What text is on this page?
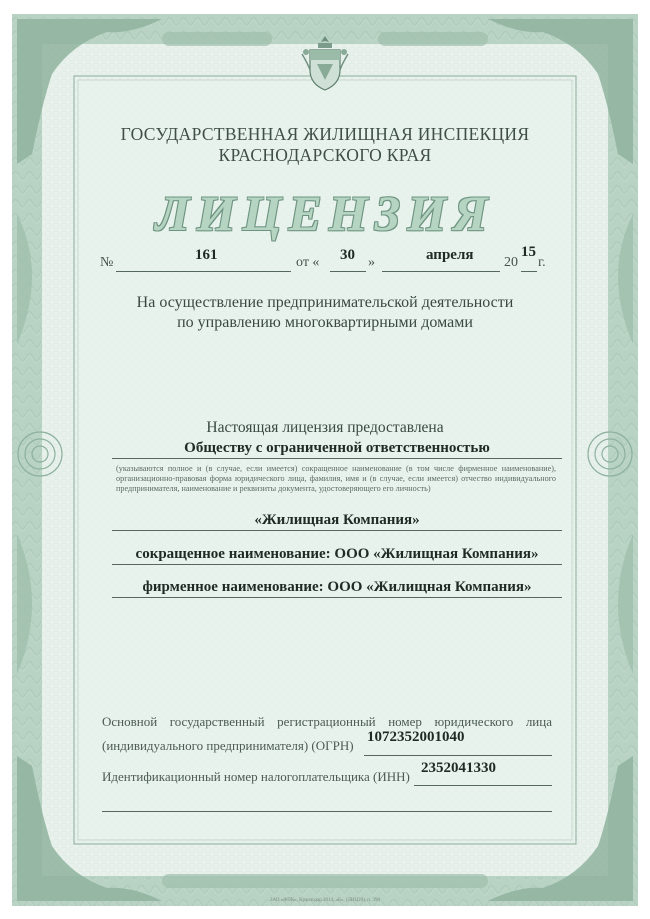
ГОСУДАРСТВЕННАЯ ЖИЛИЩНАЯ ИНСПЕКЦИЯ
КРАСНОДАРСКОГО КРАЯ
ЛИЦЕНЗИЯ
№	161	от « 30 »	апреля 20
15
г.
На осуществление предпринимательской деятельности
по управлению многоквартирными домами
Настоящая лицензия предоставлена
Обществу с ограниченной ответственностью
(указываются полное и (в случае, если имеется) сокращенное наименование (в том числе фирменное наименование), организационно-правовая форма юридического лица, фамилия, имя и (в случае, если имеется) отчество индивидуального предпринимателя, наименование и реквизиты документа, удостоверяющего его личность)
«Жилищная Компания»
сокращенное наименование: ООО «Жилищная Компания»
фирменное наименование: ООО «Жилищная Компания»
Основной государственный регистрационный номер юридического лица
(индивидуального предпринимателя) (ОГРН)
1072352001040
Идентификационный номер налогоплательщика (ИНН)
2352041330
ЗАО «ФПК», Краснодар 2014, «Б», (ЛИЦ20), п. 390
